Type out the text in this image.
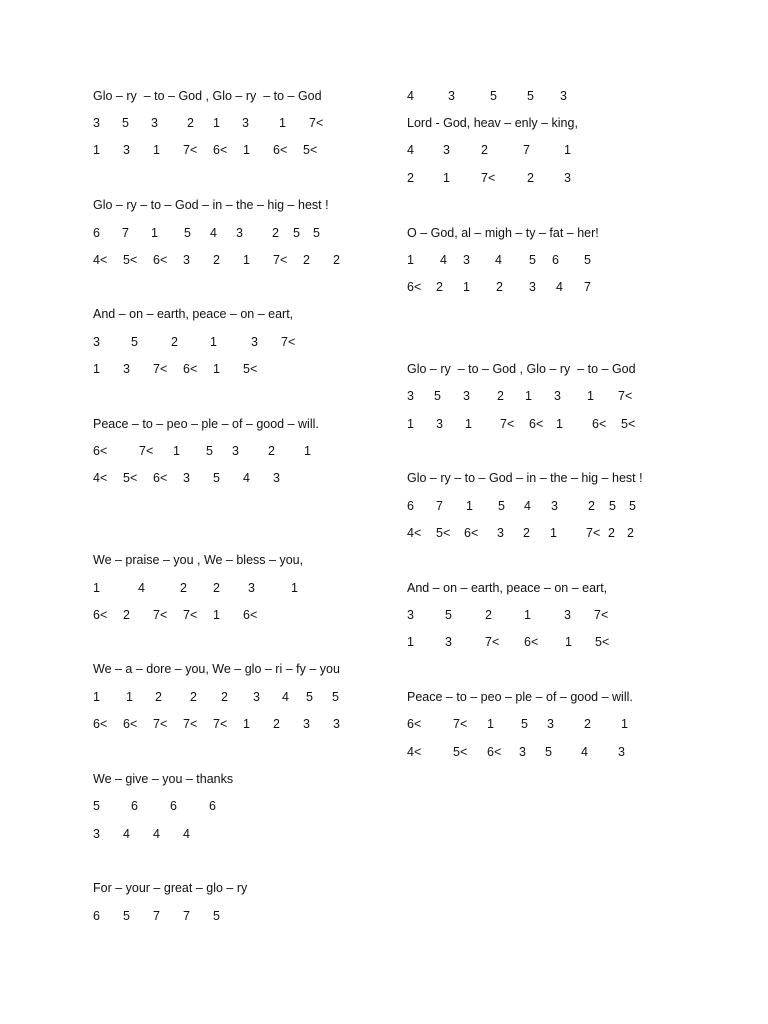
Glo – ry  – to – God , Glo – ry  – to – God
3 5 3 2 1 3 1 7<
1 3 1 7< 6< 1 6< 5<
Glo – ry – to – God – in – the – hig – hest !
6 7 1 5 4 3 2 5 5
4< 5< 6< 3 2 1 7< 2 2
And – on – earth, peace – on – eart,
3 5	2	1	3 7<
1 3 7< 6< 1 5<
Peace – to – peo – ple – of – good – will.
6<	7< 1 5 3 2 1
4< 5< 6< 3 5 4 3
We – praise – you , We – bless – you,
1	4	2 2 3	1
6< 2 7< 7< 1 6<
We – a – dore – you, We – glo – ri – fy – you
1 1 2 2 2 3 4 5 5
6< 6< 7< 7< 7< 1 2 3 3
We – give – you – thanks
5 6	6	6
3 4 4 4
For – your – great – glo – ry
6 5 7 7 5
4	3	5 5 3
Lord - God, heav – enly – king,
4 3 2	7	1
2 1 7<	2 3
O – God, al – migh – ty – fat – her!
1 4 3 4 5 6 5
6< 2 1 2 3 4 7
Glo – ry  – to – God , Glo – ry  – to – God
3 5 3 2 1 3 1 7<
1 3 1 7< 6< 1 6< 5<
Glo – ry – to – God – in – the – hig – hest !
6 7 1 5 4 3 2 5 5
4< 5< 6< 3 2 1 7< 2 2
And – on – earth, peace – on – eart,
3 5	2	1	3 7<
1 3	7< 6< 1 5<
Peace – to – peo – ple – of – good – will.
6<	7< 1 5 3 2 1
4<	5< 6< 3 5 4 3
